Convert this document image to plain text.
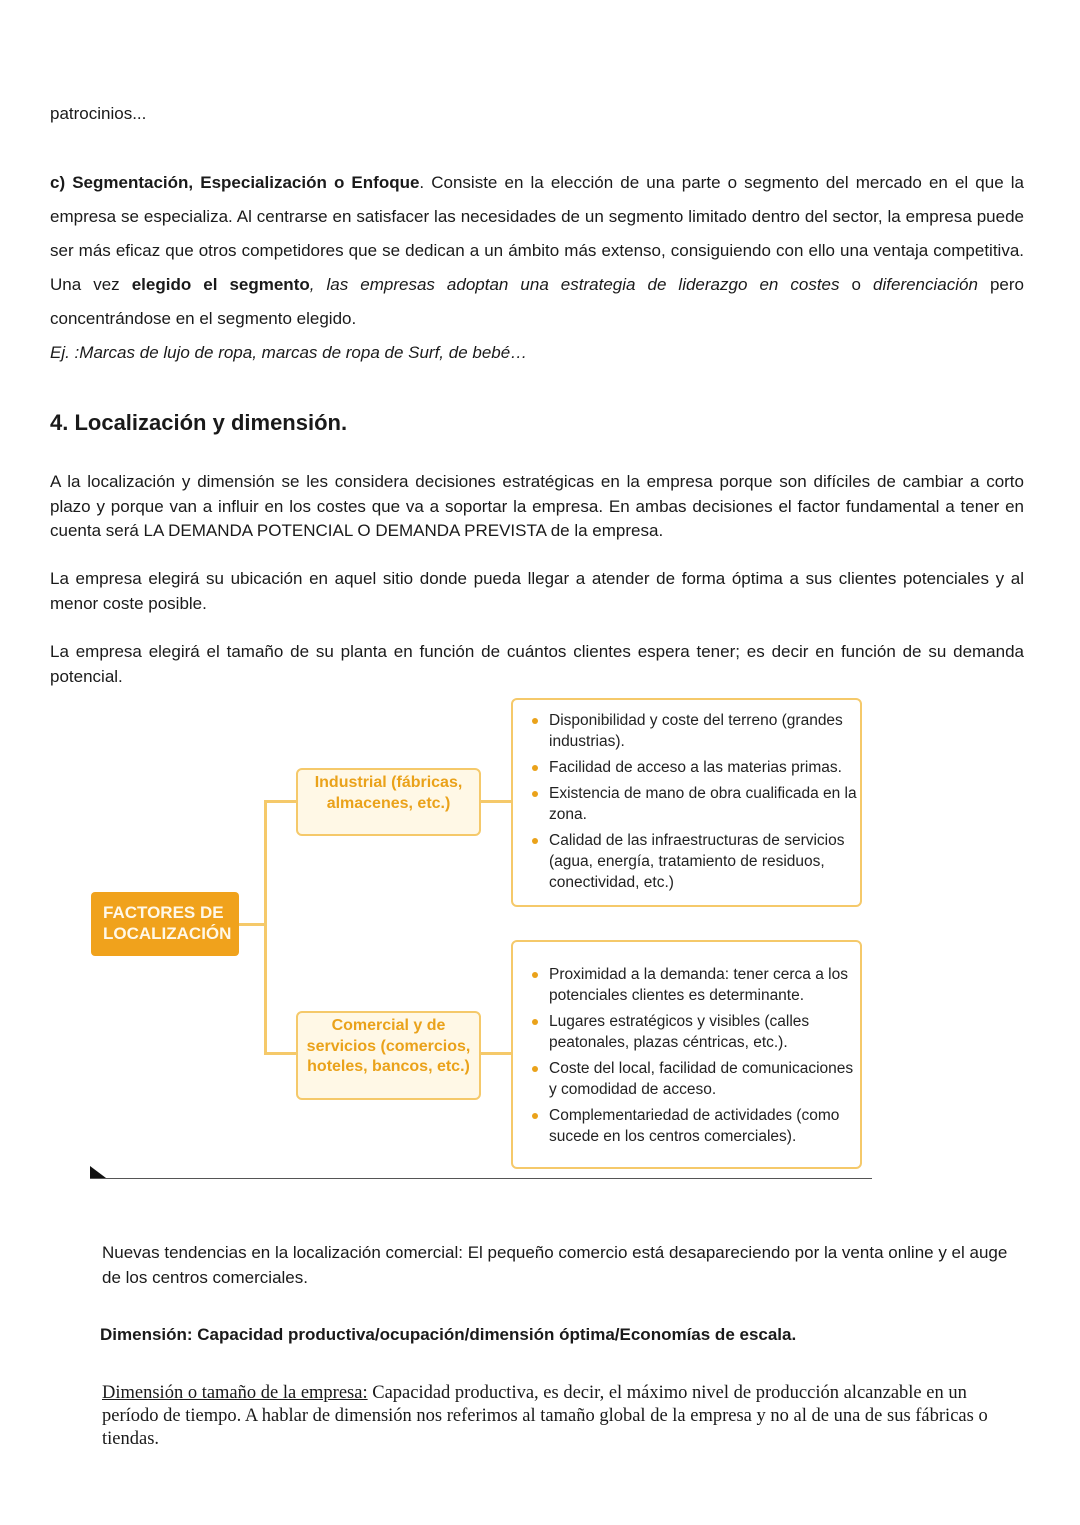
patrocinios...
c) Segmentación, Especialización o Enfoque. Consiste en la elección de una parte o segmento del mercado en el que la empresa se especializa. Al centrarse en satisfacer las necesidades de un segmento limitado dentro del sector, la empresa puede ser más eficaz que otros competidores que se dedican a un ámbito más extenso, consiguiendo con ello una ventaja competitiva. Una vez elegido el segmento, las empresas adoptan una estrategia de liderazgo en costes o diferenciación pero concentrándose en el segmento elegido.
Ej. :Marcas de lujo de ropa, marcas de ropa de Surf, de bebé…
4. Localización y dimensión.
A la localización y dimensión se les considera decisiones estratégicas en la empresa porque son difíciles de cambiar a corto plazo y porque van a influir en los costes que va a soportar la empresa. En ambas decisiones el factor fundamental a tener en cuenta será LA DEMANDA POTENCIAL O DEMANDA PREVISTA de la empresa.
La empresa elegirá su ubicación en aquel sitio donde pueda llegar a atender de forma óptima a sus clientes potenciales y al menor coste posible.
La empresa elegirá el tamaño de su planta en función de cuántos clientes espera tener; es decir en función de su demanda potencial.
FACTORES DE LOCALIZACIÓN
Industrial (fábricas, almacenes, etc.)
Comercial y de servicios (comercios, hoteles, bancos, etc.)
Disponibilidad y coste del terreno (grandes industrias).
Facilidad de acceso a las materias primas.
Existencia de mano de obra cualificada en la zona.
Calidad de las infraestructuras de servicios (agua, energía, tratamiento de residuos, conectividad, etc.)
Proximidad a la demanda: tener cerca a los potenciales clientes es determinante.
Lugares estratégicos y visibles (calles peatonales, plazas céntricas, etc.).
Coste del local, facilidad de comunicaciones y comodidad de acceso.
Complementariedad de actividades (como sucede en los centros comerciales).
Nuevas tendencias en la localización comercial: El pequeño comercio está desapareciendo por la venta online y el auge de los centros comerciales.
Dimensión: Capacidad productiva/ocupación/dimensión óptima/Economías de escala.
Dimensión o tamaño de la empresa: Capacidad productiva, es decir, el máximo nivel de producción alcanzable en un período de tiempo. A hablar de dimensión nos referimos al tamaño global de la empresa y no al de una de sus fábricas o tiendas.
